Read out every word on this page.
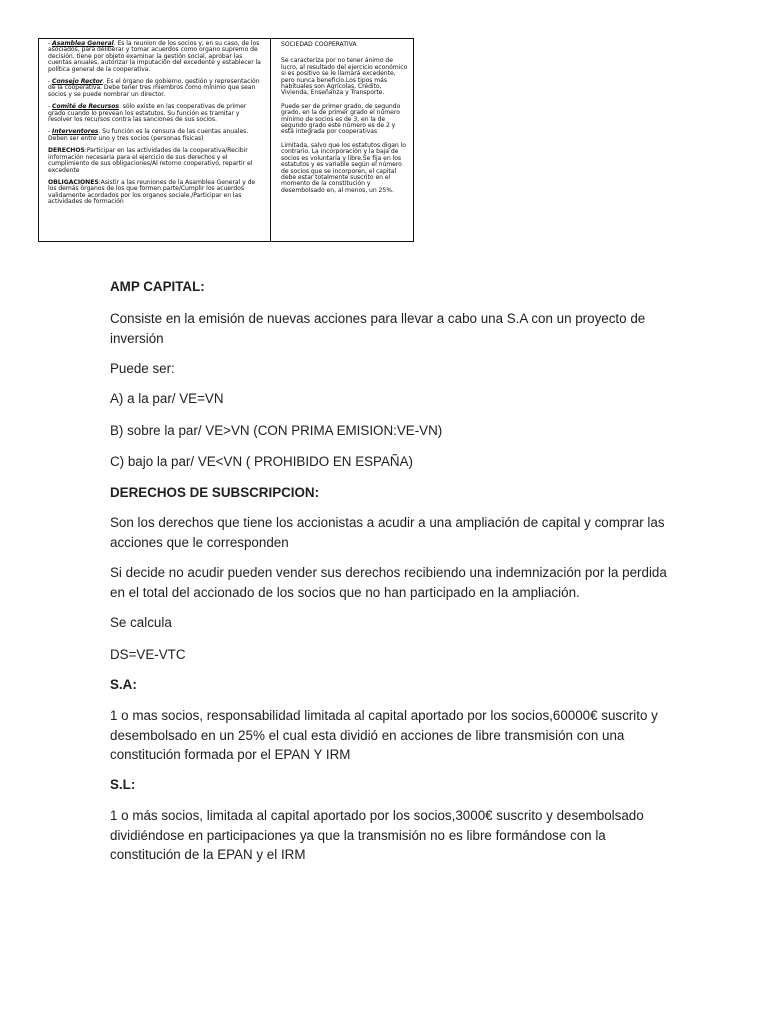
- Asamblea General. Es la reunion de los socios y, en su caso, de los asociados, para deliberar y tomar acuerdos como organo supremo de decisión. tiene por objeto examinar la gestión social, aprobar las cuentas anuales, autorizar la imputación del excedente y establecer la política general de la cooperativa.

- Consejo Rector. Es el órgano de gobierno, gestión y representación de la cooperativa. Debe tener tres miembros como mínimo que sean socios y se puede nombrar un director.

- Comité de Recursos. sólo existe en las cooperativas de primer grado cuando lo prevean los estatutos. Su función es tramitar y resolver los recursos contra las sanciones de sus socios.

- Interventores. Su función es la censura de las cuentas anuales. Deben ser entre uno y tres socios (personas físicas)

DERECHOS:Participar en las actividades de la cooperativa/Recibir información necesaria para el ejercicio de sus derechos y el cumplimiento de sus obligaciones/Al retorno cooperativo, repartir el excedente

OBLIGACIONES:Asistir a las reuniones de la Asamblea General y de los demás órganos de los que formen parte/Cumplir los acuerdos validamente acordados por los organos sociale./Participar en las actividades de formación

SOCIEDAD COOPERATIVA

Se caracteriza por no tener ánimo de lucro, al resultado del ejercicio económico si es positivo se le llamará excedente, pero nunca beneficio.Los tipos más habituales son Agrícolas, Crédito, Vivienda, Enseñanza y Transporte.

Puede ser de primer grado, de segundo grado, en la de primer grado el número mínimo de socios es de 3, en la de segundo grado este número es de 2 y está integrada por cooperativas

Limitada, salvo que los estatutos digan lo contrario. La incorporación y la baja de socios es voluntaria y libre.Se fija en los estatutos y es variable según el número de socios que se incorporen, el capital debe estar totalmente suscrito en el momento de la constitución y desembolsado en, al menos, un 25%.

AMP CAPITAL:

Consiste en la emisión de nuevas acciones para llevar a cabo una S.A con un proyecto de inversión

Puede ser:

A) a la par/ VE=VN

B) sobre la par/ VE>VN (CON PRIMA EMISION:VE-VN)

C) bajo la par/ VE<VN ( PROHIBIDO EN ESPAÑA)

DERECHOS DE SUBSCRIPCION:

Son los derechos que tiene los accionistas a acudir a una ampliación de capital y comprar las acciones que le corresponden

Si decide no acudir pueden vender sus derechos recibiendo una indemnización por la perdida en el total del accionado de los socios que no han participado en la ampliación.

Se calcula

DS=VE-VTC

S.A:

1 o mas socios, responsabilidad limitada al capital aportado por los socios,60000€ suscrito y desembolsado en un 25% el cual esta dividió en acciones de libre transmisión con una constitución formada por el EPAN Y IRM

S.L:

1 o más socios, limitada al capital aportado por los socios,3000€ suscrito y desembolsado dividiéndose en participaciones ya que la transmisión no es libre formándose con la constitución de la EPAN y el IRM
